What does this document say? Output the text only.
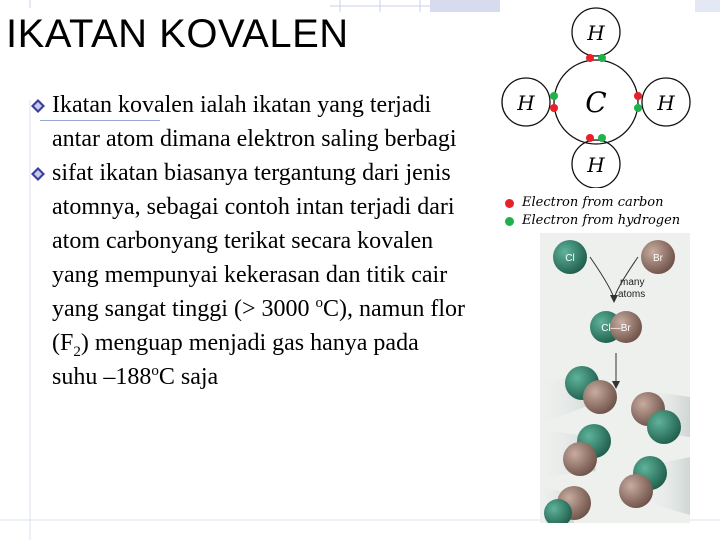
IKATAN KOVALEN
Ikatan kovalen ialah ikatan yang terjadi antar atom dimana elektron saling berbagi
sifat ikatan biasanya tergantung dari jenis atomnya, sebagai contoh intan terjadi dari atom carbonyang terikat secara kovalen yang mempunyai kekerasan dan titik cair yang sangat tinggi (> 3000 $^o$C), namun flor $(F_2)$ menguap menjadi gas hanya pada suhu –188$^o$C saja
C
H
H
H	H
Electron from carbon
Electron from hydrogen
Cl	Br
many
atoms
Cl—Br
